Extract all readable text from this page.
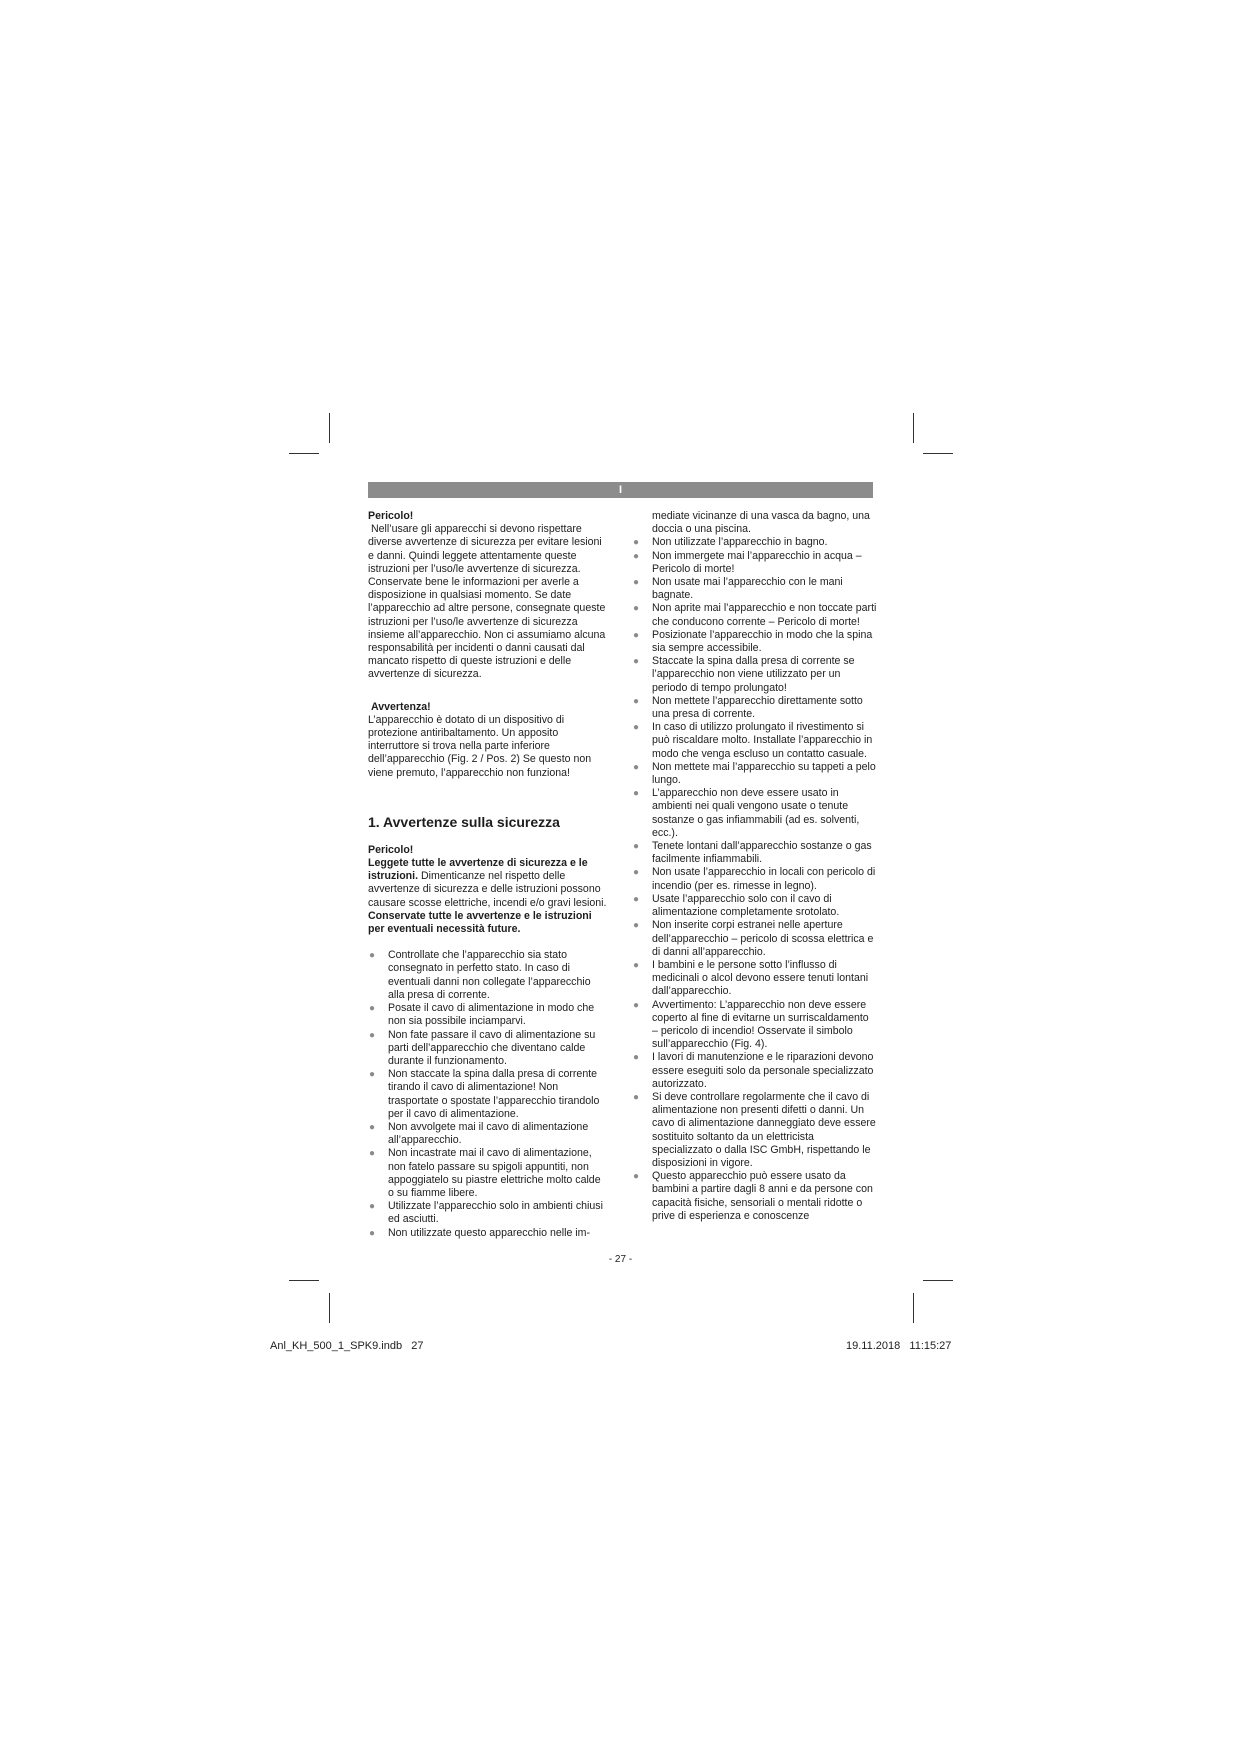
I

Pericolo!

Nell’usare gli apparecchi si devono rispettare diverse avvertenze di sicurezza per evitare lesioni e danni. Quindi leggete attentamente queste istruzioni per l’uso/le avvertenze di sicurezza. Conservate bene le informazioni per averle a disposizione in qualsiasi momento. Se date l’apparecchio ad altre persone, consegnate queste istruzioni per l’uso/le avvertenze di sicurezza insieme all’apparecchio. Non ci assumiamo alcuna responsabilità per incidenti o danni causati dal mancato rispetto di queste istruzioni e delle avvertenze di sicurezza.

Avvertenza!

L’apparecchio è dotato di un dispositivo di protezione antiribaltamento. Un apposito interruttore si trova nella parte inferiore dell’apparecchio (Fig. 2 / Pos. 2) Se questo non viene premuto, l’apparecchio non funziona!

1. Avvertenze sulla sicurezza

Pericolo!

Leggete tutte le avvertenze di sicurezza e le istruzioni. Dimenticanze nel rispetto delle avvertenze di sicurezza e delle istruzioni possono causare scosse elettriche, incendi e/o gravi lesioni.

Conservate tutte le avvertenze e le istruzioni per eventuali necessità future.

● Controllate che l’apparecchio sia stato consegnato in perfetto stato. In caso di eventuali danni non collegate l’apparecchio alla presa di corrente.
● Posate il cavo di alimentazione in modo che non sia possibile inciamparvi.
● Non fate passare il cavo di alimentazione su parti dell’apparecchio che diventano calde durante il funzionamento.
● Non staccate la spina dalla presa di corrente tirando il cavo di alimentazione! Non trasportate o spostate l’apparecchio tirandolo per il cavo di alimentazione.
● Non avvolgete mai il cavo di alimentazione all’apparecchio.
● Non incastrate mai il cavo di alimentazione, non fatelo passare su spigoli appuntiti, non appoggiatelo su piastre elettriche molto calde o su fiamme libere.
● Utilizzate l’apparecchio solo in ambienti chiusi ed asciutti.
● Non utilizzate questo apparecchio nelle im-

mediate vicinanze di una vasca da bagno, una doccia o una piscina.

● Non utilizzate l’apparecchio in bagno.
● Non immergete mai l’apparecchio in acqua – Pericolo di morte!
● Non usate mai l’apparecchio con le mani bagnate.
● Non aprite mai l’apparecchio e non toccate parti che conducono corrente – Pericolo di morte!
● Posizionate l’apparecchio in modo che la spina sia sempre accessibile.
● Staccate la spina dalla presa di corrente se l’apparecchio non viene utilizzato per un periodo di tempo prolungato!
● Non mettete l’apparecchio direttamente sotto una presa di corrente.
● In caso di utilizzo prolungato il rivestimento si può riscaldare molto. Installate l’apparecchio in modo che venga escluso un contatto casuale.
● Non mettete mai l’apparecchio su tappeti a pelo lungo.
● L’apparecchio non deve essere usato in ambienti nei quali vengono usate o tenute sostanze o gas infiammabili (ad es. solventi, ecc.).
● Tenete lontani dall’apparecchio sostanze o gas facilmente infiammabili.
● Non usate l’apparecchio in locali con pericolo di incendio (per es. rimesse in legno).
● Usate l’apparecchio solo con il cavo di alimentazione completamente srotolato.
● Non inserite corpi estranei nelle aperture dell’apparecchio – pericolo di scossa elettrica e di danni all’apparecchio.
● I bambini e le persone sotto l’influsso di medicinali o alcol devono essere tenuti lontani dall’apparecchio.
● Avvertimento: L’apparecchio non deve essere coperto al fine di evitarne un surriscaldamento – pericolo di incendio! Osservate il simbolo sull’apparecchio (Fig. 4).
● I lavori di manutenzione e le riparazioni devono essere eseguiti solo da personale specializzato autorizzato.
● Si deve controllare regolarmente che il cavo di alimentazione non presenti difetti o danni. Un cavo di alimentazione danneggiato deve essere sostituito soltanto da un elettricista specializzato o dalla ISC GmbH, rispettando le disposizioni in vigore.
● Questo apparecchio può essere usato da bambini a partire dagli 8 anni e da persone con capacità fisiche, sensoriali o mentali ridotte o prive di esperienza e conoscenze
- 27 -
Anl_KH_500_1_SPK9.indb   27	19.11.2018   11:15:27
